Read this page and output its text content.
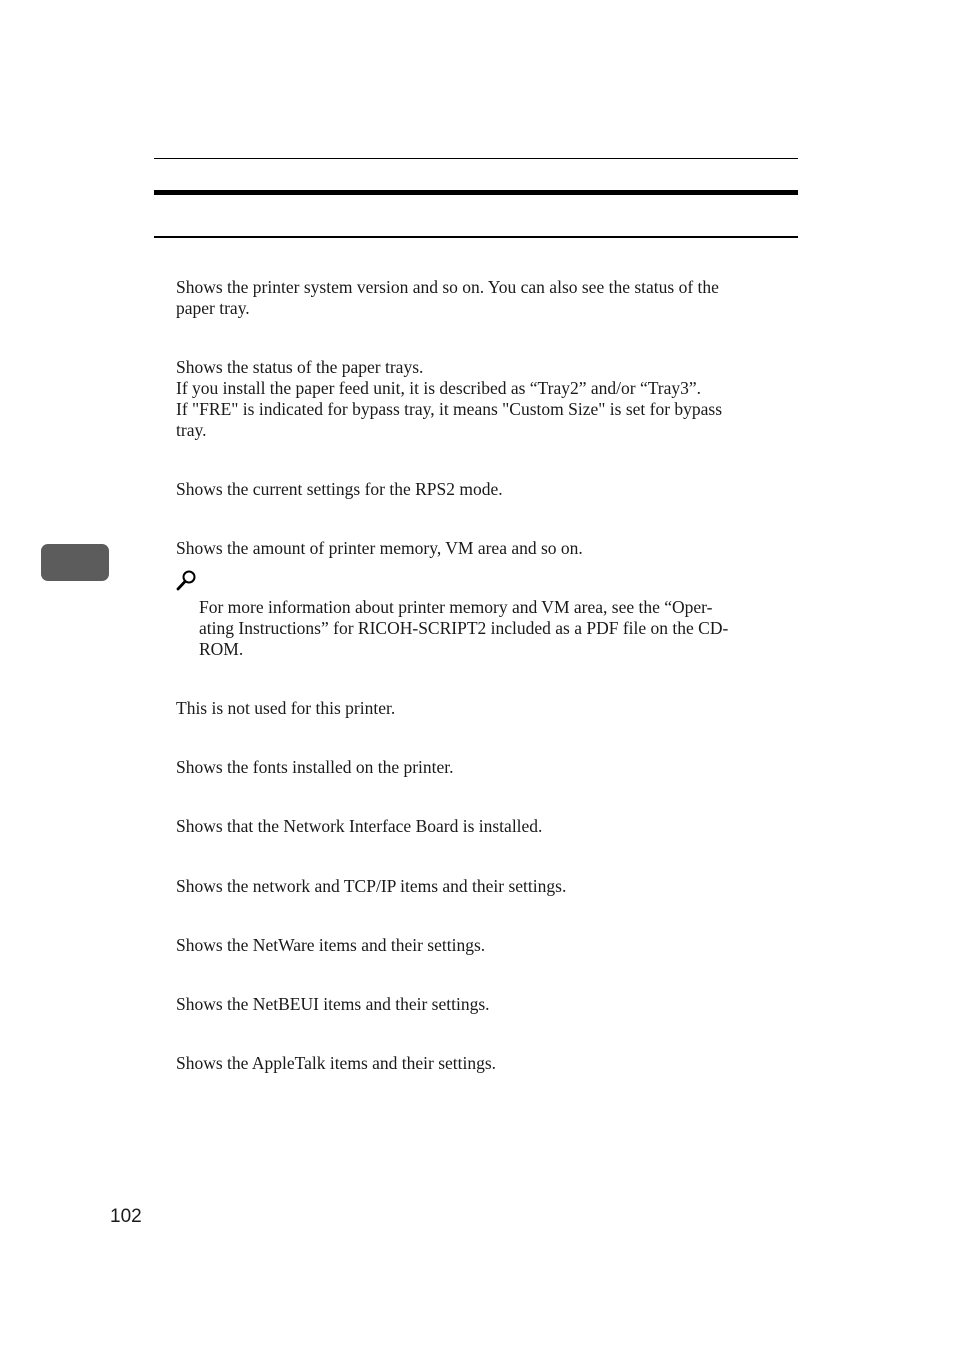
Shows the printer system version and so on. You can also see the status of the
paper tray.
Shows the status of the paper trays.
If you install the paper feed unit, it is described as “Tray2” and/or “Tray3”.
If "FRE" is indicated for bypass tray, it means "Custom Size" is set for bypass
tray.
Shows the current settings for the RPS2 mode.
Shows the amount of printer memory, VM area and so on.
For more information about printer memory and VM area, see the “Oper-
ating Instructions” for RICOH-SCRIPT2 included as a PDF file on the CD-
ROM.
This is not used for this printer.
Shows the fonts installed on the printer.
Shows that the Network Interface Board is installed.
Shows the network and TCP/IP items and their settings.
Shows the NetWare items and their settings.
Shows the NetBEUI items and their settings.
Shows the AppleTalk items and their settings.
102
